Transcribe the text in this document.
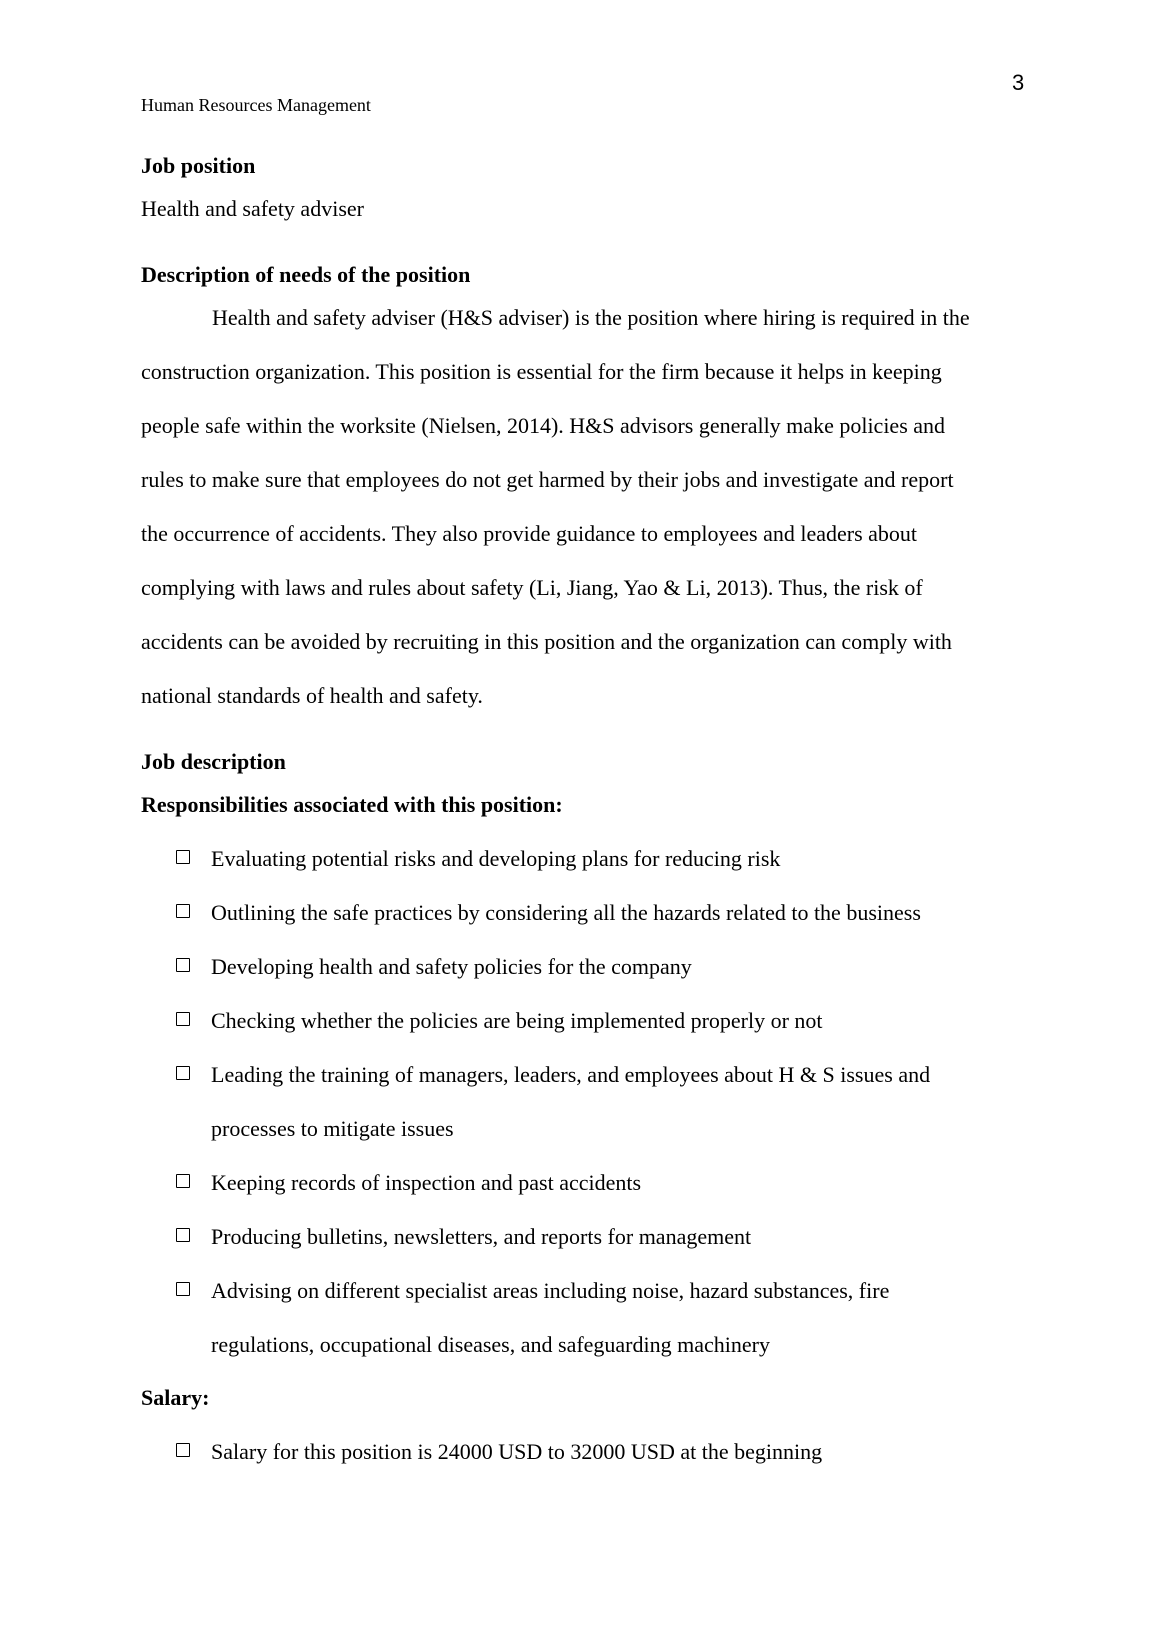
3
Human Resources Management
Job position
Health and safety adviser
Description of needs of the position
Health and safety adviser (H&S adviser) is the position where hiring is required in the
construction organization. This position is essential for the firm because it helps in keeping
people safe within the worksite (Nielsen, 2014). H&S advisors generally make policies and
rules to make sure that employees do not get harmed by their jobs and investigate and report
the occurrence of accidents. They also provide guidance to employees and leaders about
complying with laws and rules about safety (Li, Jiang, Yao & Li, 2013). Thus, the risk of
accidents can be avoided by recruiting in this position and the organization can comply with
national standards of health and safety.
Job description
Responsibilities associated with this position:
Evaluating potential risks and developing plans for reducing risk
Outlining the safe practices by considering all the hazards related to the business
Developing health and safety policies for the company
Checking whether the policies are being implemented properly or not
Leading the training of managers, leaders, and employees about H & S issues and
processes to mitigate issues
Keeping records of inspection and past accidents
Producing bulletins, newsletters, and reports for management
Advising on different specialist areas including noise, hazard substances, fire
regulations, occupational diseases, and safeguarding machinery
Salary:
Salary for this position is 24000 USD to 32000 USD at the beginning
